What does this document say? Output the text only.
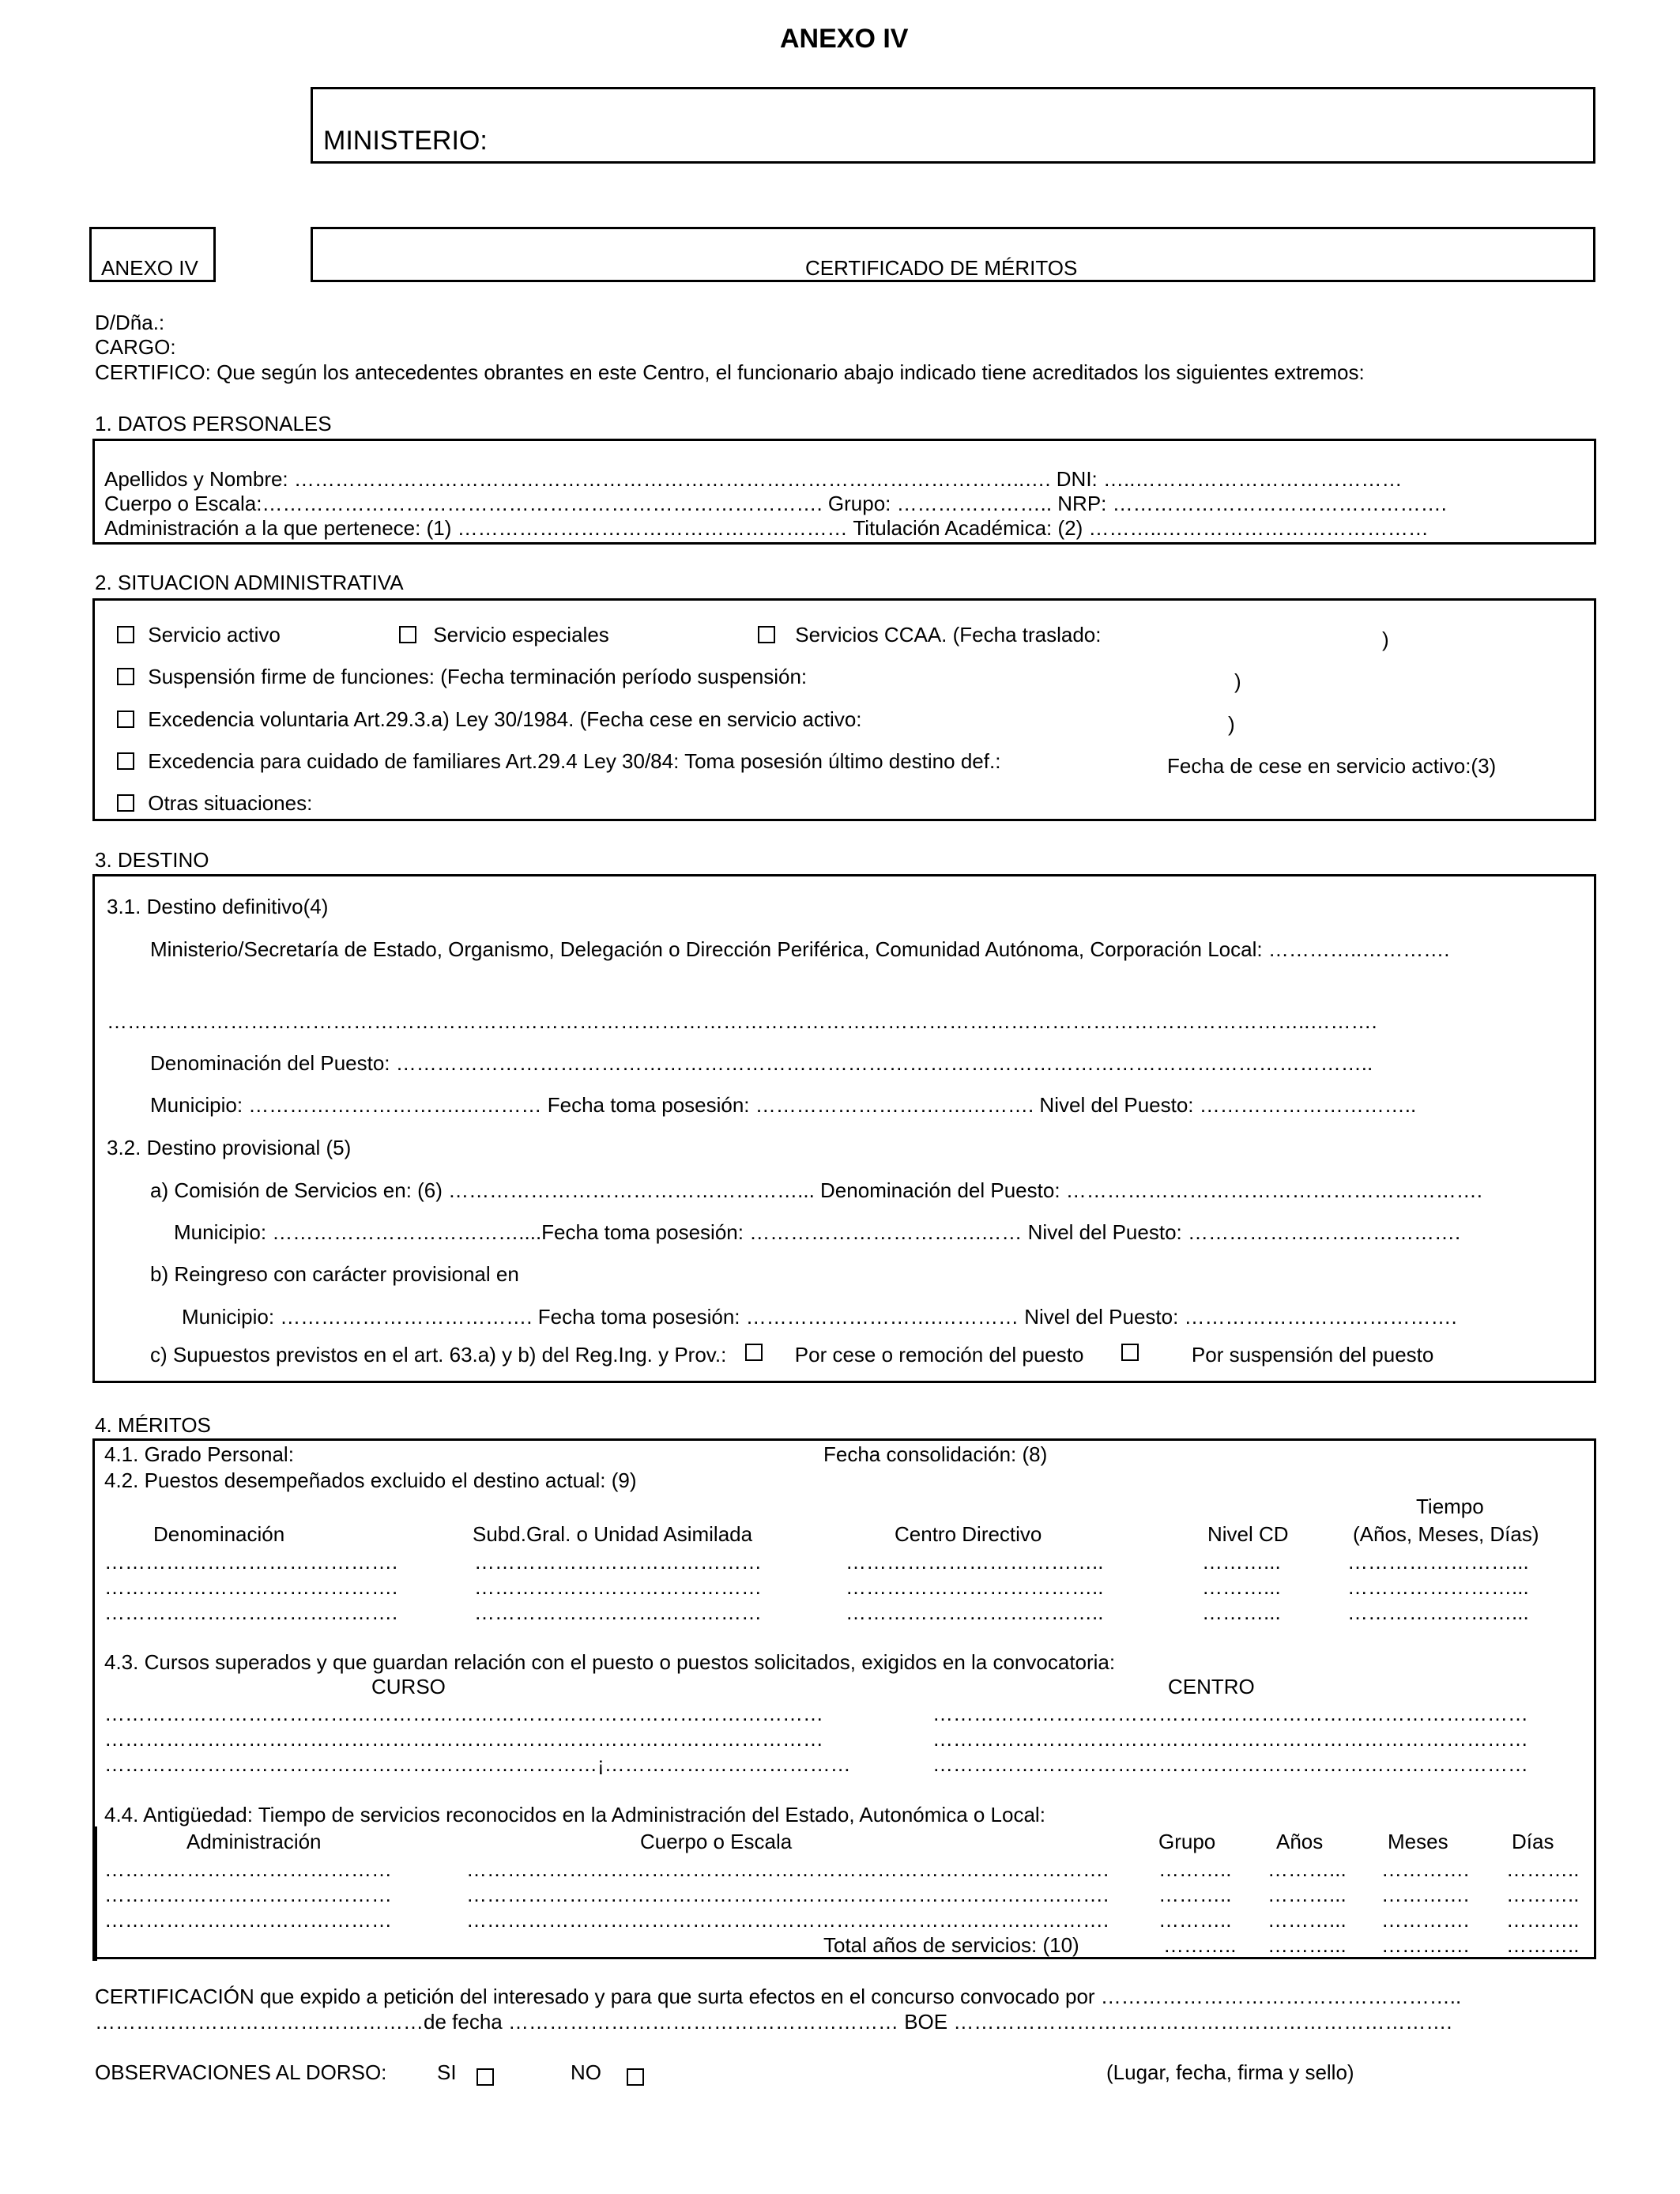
ANEXO IV
MINISTERIO:
ANEXO IV	CERTIFICADO DE MÉRITOS
D/Dña.:
CARGO:
CERTIFICO: Que según los antecedentes obrantes en este Centro, el funcionario abajo indicado tiene acreditados los siguientes extremos:
1. DATOS PERSONALES
Apellidos y Nombre: ……………………………………………………………………………………………..…. DNI: …..…………………………………
Cuerpo o Escala:………………………………………………………………………. Grupo: ………………….. NRP: ………………………………………….
Administración a la que pertenece: (1) ………………………………………………… Titulación Académica: (2) ………..…………………………………
2. SITUACION ADMINISTRATIVA
Servicio activo	Servicio especiales	Servicios CCAA. (Fecha traslado:	)
Suspensión firme de funciones: (Fecha terminación período suspensión:	)
Excedencia voluntaria Art.29.3.a) Ley 30/1984. (Fecha cese en servicio activo:	)
Excedencia para cuidado de familiares Art.29.4 Ley 30/84: Toma posesión último destino def.:	Fecha de cese en servicio activo:(3)
Otras situaciones:
3. DESTINO
3.1. Destino definitivo(4)
Ministerio/Secretaría de Estado, Organismo, Delegación o Dirección Periférica, Comunidad Autónoma, Corporación Local: …………..………….
…………………………………………………………………………………………………………………………………………………………..……….
Denominación del Puesto: ……………………………………………………………………………………………………………………………..
Municipio: ………………………….………… Fecha toma posesión: ………………………….………. Nivel del Puesto: …………………………..
3.2. Destino provisional (5)
a) Comisión de Servicios en: (6) ……………………………………………... Denominación del Puesto: …………………………………………………….
Municipio: ………………………………....Fecha toma posesión: …………………………….…… Nivel del Puesto: ………………………………….
b) Reingreso con carácter provisional en
Municipio: ………………………………. Fecha toma posesión: ……………………….………… Nivel del Puesto: ………………………………….
c) Supuestos previstos en el art. 63.a) y b) del Reg.Ing. y Prov.:	Por cese o remoción del puesto	Por suspensión del puesto
4. MÉRITOS
4.1. Grado Personal:	Fecha consolidación: (8)
4.2. Puestos desempeñados excluido el destino actual: (9)
Tiempo
Denominación	Subd.Gral. o Unidad Asimilada	Centro Directivo	Nivel CD	(Años, Meses, Días)
…………………………………….	……………………………………	………………………………..	………...	……………………...
…………………………………….	……………………………………	………………………………..	………...	……………………...
…………………………………….	……………………………………	………………………………..	………...	……………………...
4.3. Cursos superados y que guardan relación con el puesto o puestos solicitados, exigidos en la convocatoria:
CURSO	CENTRO
……………………………………………………………………………………………	……………………………………………………………………………
……………………………………………………………………………………………	……………………………………………………………………………
………………………………………………………………¡………………………………	……………………………………………………………………………
4.4. Antigüedad: Tiempo de servicios reconocidos en la Administración del Estado, Autonómica o Local:
Administración	Cuerpo o Escala	Grupo	Años	Meses	Días
……………………………………	…………………………………………………………………………………. ……….. ………... …………. ………..
……………………………………	…………………………………………………………………………………. ……….. ………... …………. ………..
……………………………………	…………………………………………………………………………………. ……….. ………... …………. ………..
Total años de servicios: (10)	……….. ………... …………. ………..
CERTIFICACIÓN que expido a petición del interesado y para que surta efectos en el concurso convocado por ……………………………………………..
…………………………………………de fecha ………………………………………………… BOE ……………………………………………………………….
OBSERVACIONES AL DORSO: SI	NO	(Lugar, fecha, firma y sello)
